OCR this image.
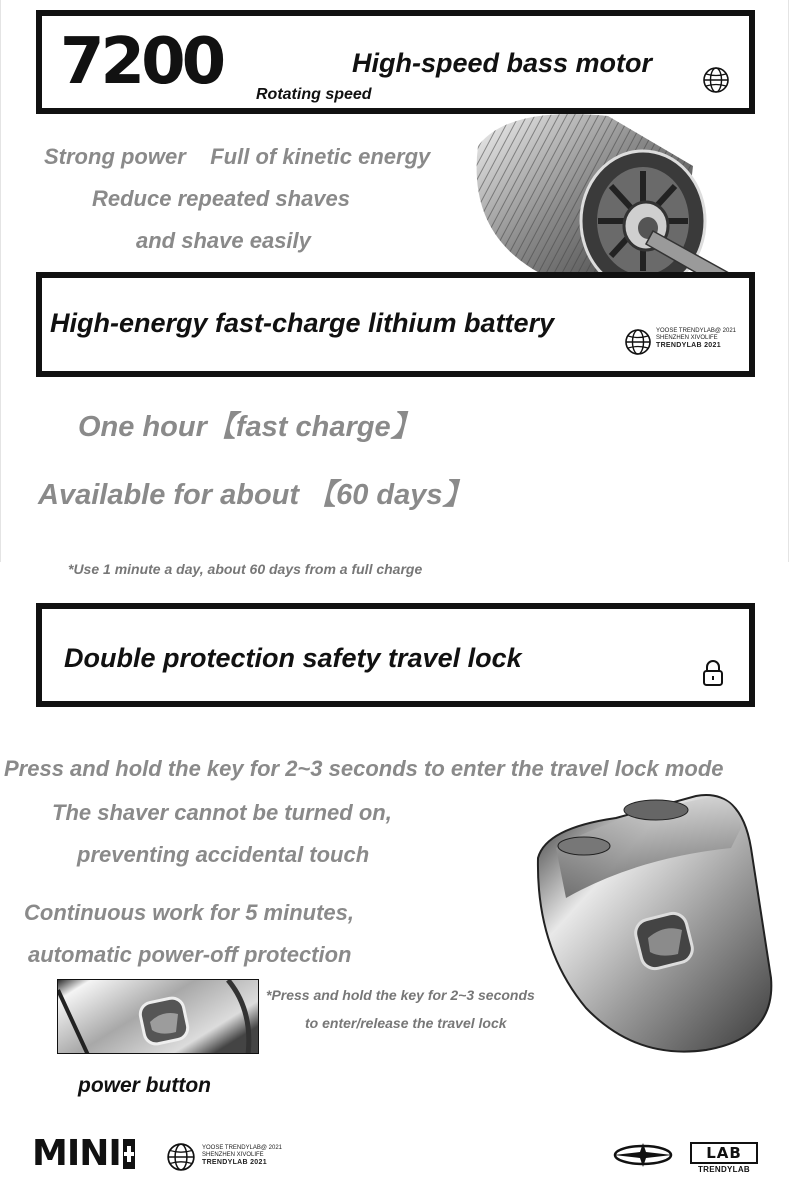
7200 Rotating speed
High-speed bass motor
Strong power    Full of kinetic energy
Reduce repeated shaves
and shave easily
High-energy fast-charge lithium battery	YOOSE TRENDYLAB@ 2021
SHENZHEN XIVOLIFE
TRENDYLAB 2021
One hour【fast charge】
Available for about 【60 days】
*Use 1 minute a day, about 60 days from a full charge
Double protection safety travel lock
Press and hold the key for 2~3 seconds to enter the travel lock mode
The shaver cannot be turned on,
preventing accidental touch
Continuous work for 5 minutes,
automatic power-off protection
*Press and hold the key for 2~3 seconds
to enter/release the travel lock
power button
MINI	YOOSE TRENDYLAB@ 2021
SHENZHEN XIVOLIFE
TRENDYLAB 2021
LAB
TRENDYLAB
